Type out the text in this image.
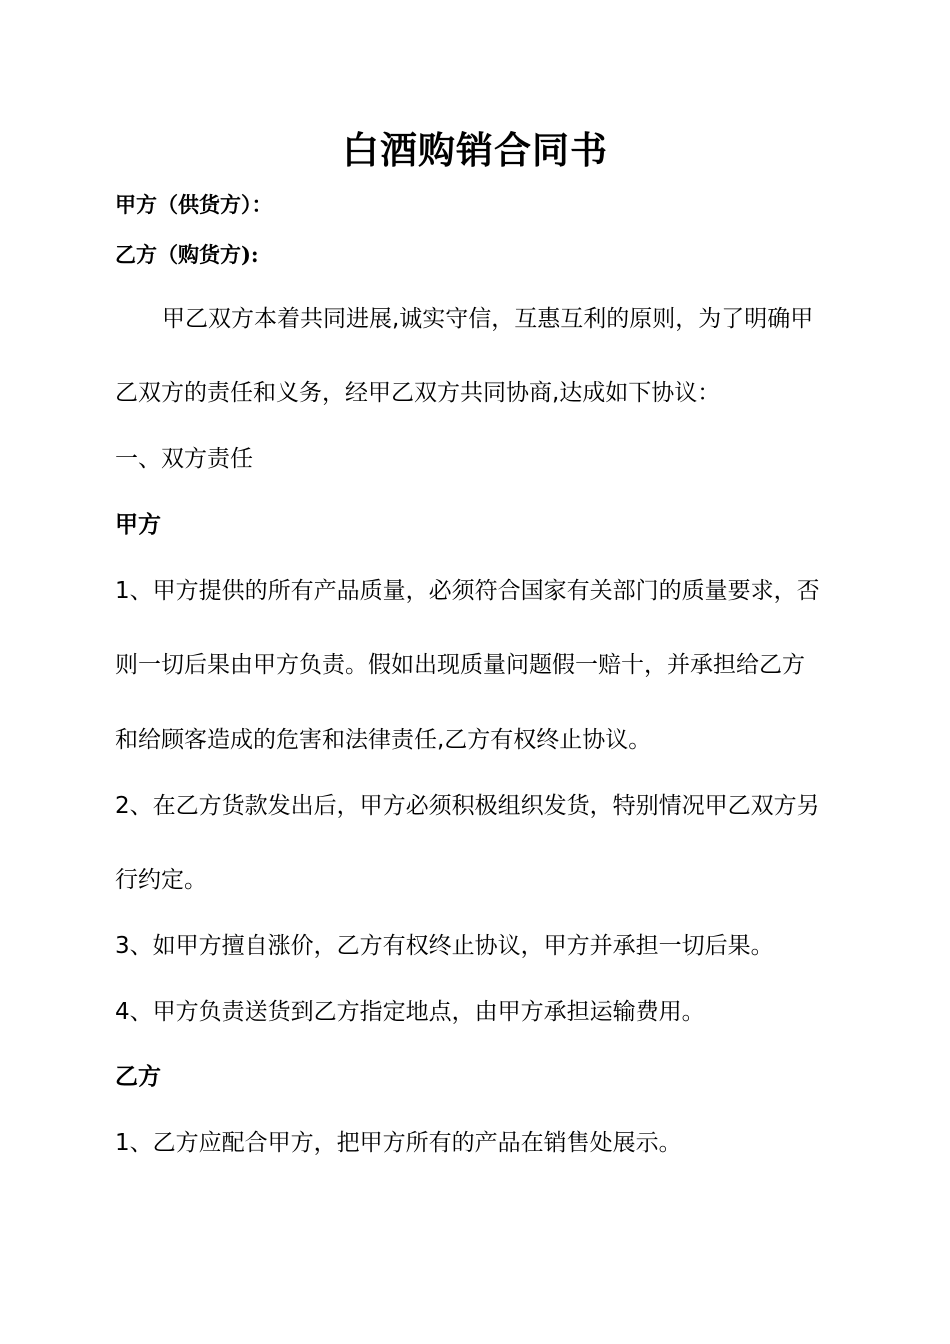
白酒购销合同书

甲方（供货方）：

乙方（购货方):

甲乙双方本着共同进展,诚实守信，互惠互利的原则，为了明确甲

乙双方的责任和义务，经甲乙双方共同协商,达成如下协议：

一、双方责任

甲方

1、甲方提供的所有产品质量，必须符合国家有关部门的质量要求，否

则一切后果由甲方负责。假如出现质量问题假一赔十，并承担给乙方

和给顾客造成的危害和法律责任,乙方有权终止协议。

2、在乙方货款发出后，甲方必须积极组织发货，特别情况甲乙双方另

行约定。

3、如甲方擅自涨价，乙方有权终止协议，甲方并承担一切后果。

4、甲方负责送货到乙方指定地点，由甲方承担运输费用。

乙方

1、乙方应配合甲方，把甲方所有的产品在销售处展示。
